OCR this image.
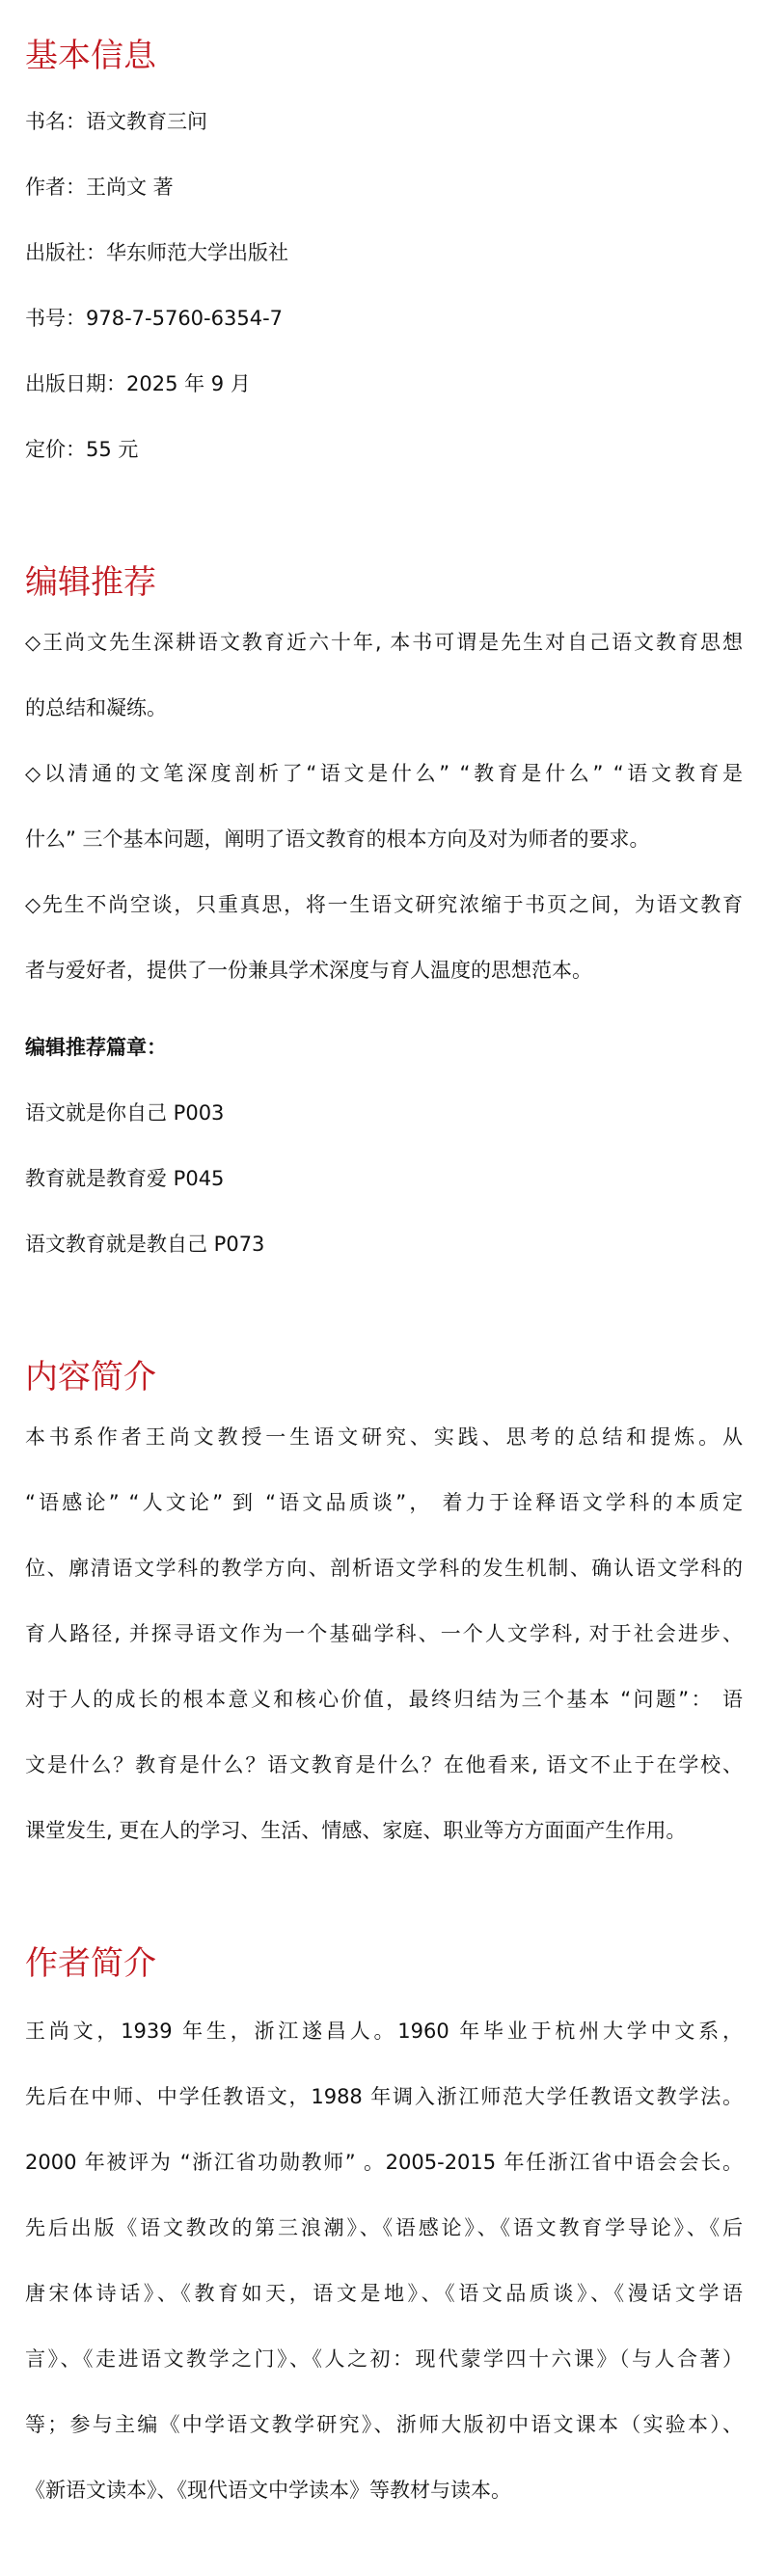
基本信息
书名：语文教育三问
作者：王尚文 著
出版社：华东师范大学出版社
书号：978-7-5760-6354-7
出版日期：2025 年 9 月
定价：55 元
编辑推荐
◇王尚文先生深耕语文教育近六十年, 本书可谓是先生对自己语文教育思想
的总结和凝练。
◇以清通的文笔深度剖析了“语文是什么” “教育是什么” “语文教育是
什么” 三个基本问题，阐明了语文教育的根本方向及对为师者的要求。
◇先生不尚空谈，只重真思，将一生语文研究浓缩于书页之间，为语文教育
者与爱好者，提供了一份兼具学术深度与育人温度的思想范本。
编辑推荐篇章：
语文就是你自己 P003
教育就是教育爱 P045
语文教育就是教自己 P073
内容简介
本书系作者王尚文教授一生语文研究、实践、思考的总结和提炼。从
“语感论” “人文论” 到 “语文品质谈”， 着力于诠释语文学科的本质定
位、廓清语文学科的教学方向、剖析语文学科的发生机制、确认语文学科的
育人路径, 并探寻语文作为一个基础学科、一个人文学科, 对于社会进步、
对于人的成长的根本意义和核心价值，最终归结为三个基本 “问题”： 语
文是什么？教育是什么？语文教育是什么？在他看来, 语文不止于在学校、
课堂发生, 更在人的学习、生活、情感、家庭、职业等方方面面产生作用。
作者简介
王尚文，1939 年生，浙江遂昌人。1960 年毕业于杭州大学中文系，
先后在中师、中学任教语文，1988 年调入浙江师范大学任教语文教学法。
2000 年被评为 “浙江省功勋教师” 。2005-2015 年任浙江省中语会会长。
先后出版《语文教改的第三浪潮》、《语感论》、《语文教育学导论》、《后
唐宋体诗话》、《教育如天，语文是地》、《语文品质谈》、《漫话文学语
言》、《走进语文教学之门》、《人之初：现代蒙学四十六课》（与人合著）
等；参与主编《中学语文教学研究》、浙师大版初中语文课本（实验本）、
《新语文读本》、《现代语文中学读本》等教材与读本。
